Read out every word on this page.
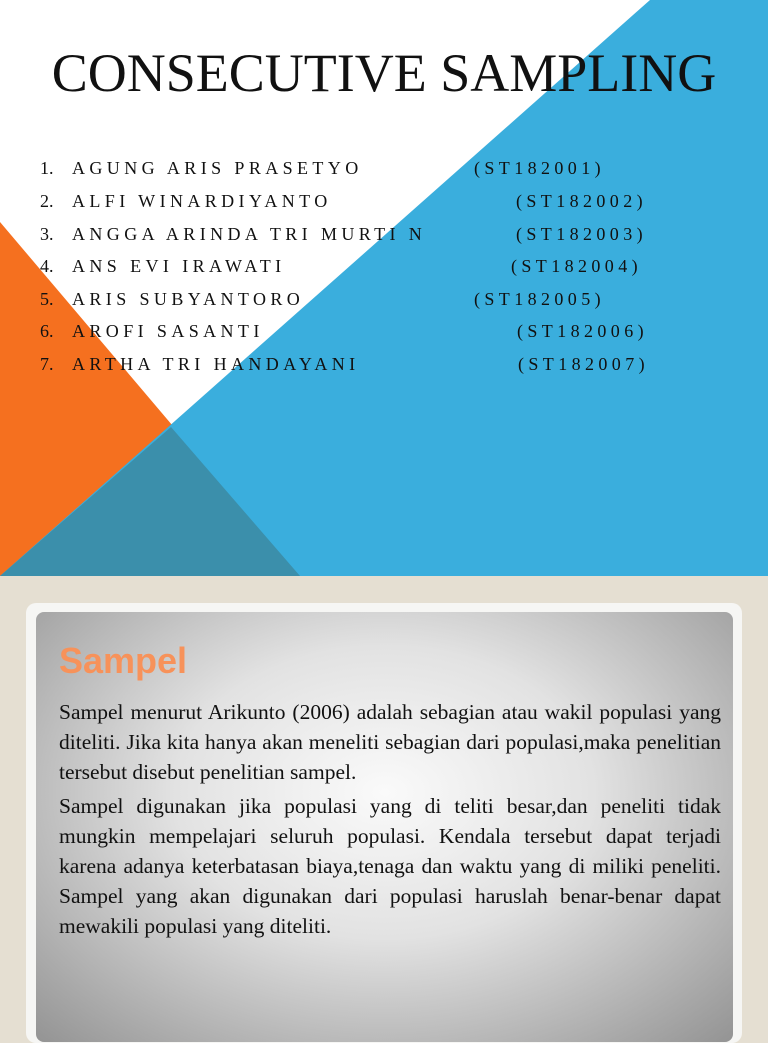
CONSECUTIVE SAMPLING
1. AGUNG ARIS PRASETYO	(ST182001)
2. ALFI WINARDIYANTO	(ST182002)
3. ANGGA ARINDA TRI MURTI N	(ST182003)
4. ANS EVI IRAWATI	(ST182004)
5. ARIS SUBYANTORO	(ST182005)
6. AROFI SASANTI	(ST182006)
7. ARTHA TRI HANDAYANI	(ST182007)
Sampel

Sampel menurut Arikunto (2006) adalah sebagian atau wakil populasi yang diteliti. Jika kita hanya akan meneliti sebagian dari populasi,maka penelitian tersebut disebut penelitian sampel.

Sampel digunakan jika populasi yang di teliti besar,dan peneliti tidak mungkin mempelajari seluruh populasi. Kendala tersebut dapat terjadi karena adanya keterbatasan biaya,tenaga dan waktu yang di miliki peneliti. Sampel yang akan digunakan dari populasi haruslah benar-benar dapat mewakili populasi yang diteliti.
